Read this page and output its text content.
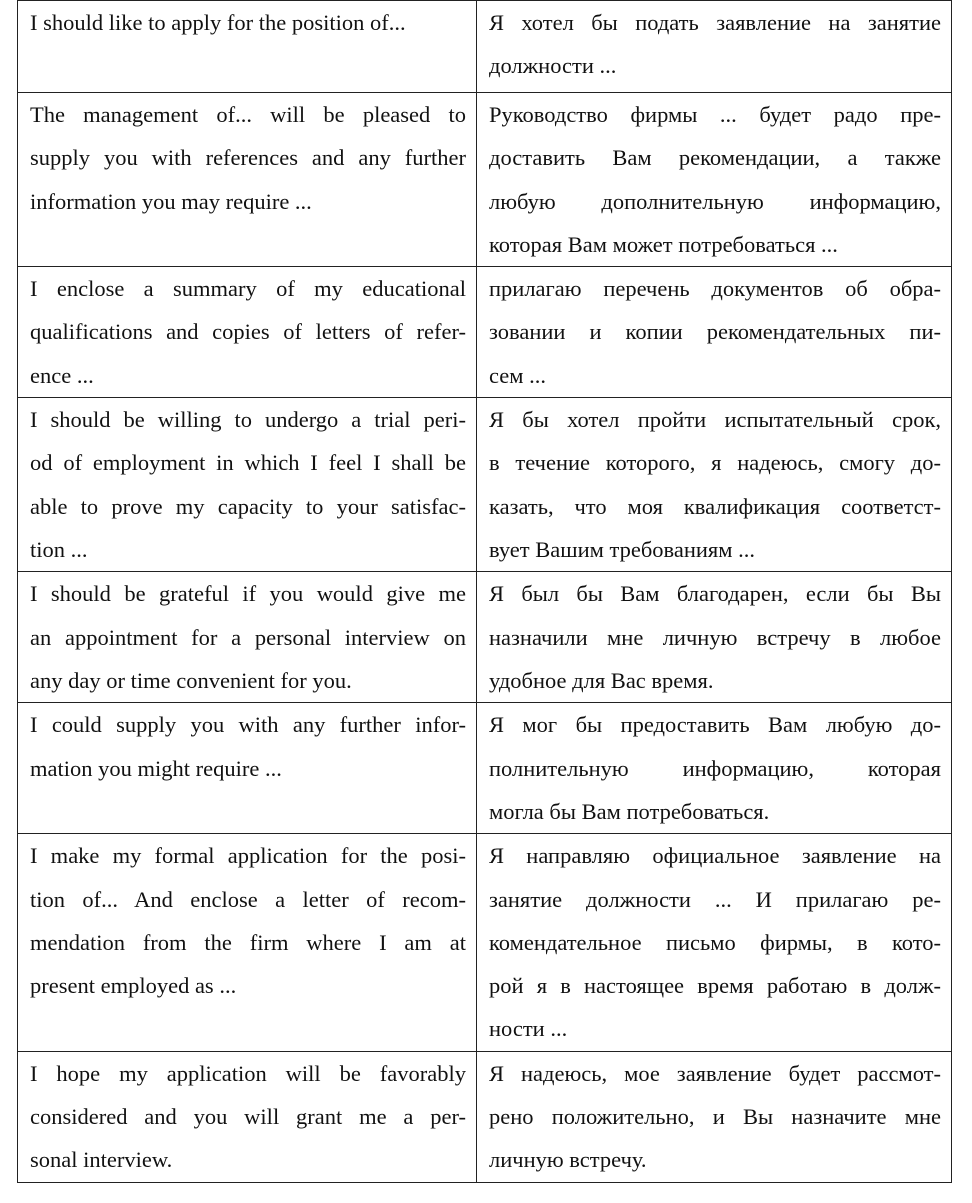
I should like to apply for the position of...	Я хотел бы подать заявление на занятие
должности ...

The management of... will be pleased to
supply you with references and any further
information you may require ...	Руководство фирмы ... будет радо пре-
доставить Вам рекомендации, а также
любую дополнительную информацию,
которая Вам может потребоваться ...

I enclose a summary of my educational
qualifications and copies of letters of refer-
ence ...	прилагаю перечень документов об обра-
зовании и копии рекомендательных пи-
сем ...

I should be willing to undergo a trial peri-
od of employment in which I feel I shall be
able to prove my capacity to your satisfac-
tion ...	Я бы хотел пройти испытательный срок,
в течение которого, я надеюсь, смогу до-
казать, что моя квалификация соответст-
вует Вашим требованиям ...

I should be grateful if you would give me
an appointment for a personal interview on
any day or time convenient for you.	Я был бы Вам благодарен, если бы Вы
назначили мне личную встречу в любое
удобное для Вас время.

I could supply you with any further infor-
mation you might require ...	Я мог бы предоставить Вам любую до-
полнительную информацию, которая
могла бы Вам потребоваться.

I make my formal application for the posi-
tion of... And enclose a letter of recom-
mendation from the firm where I am at
present employed as ...	Я направляю официальное заявление на
занятие должности ... И прилагаю ре-
комендательное письмо фирмы, в кото-
рой я в настоящее время работаю в долж-
ности ...

I hope my application will be favorably
considered and you will grant me a per-
sonal interview.	Я надеюсь, мое заявление будет рассмот-
рено положительно, и Вы назначите мне
личную встречу.
